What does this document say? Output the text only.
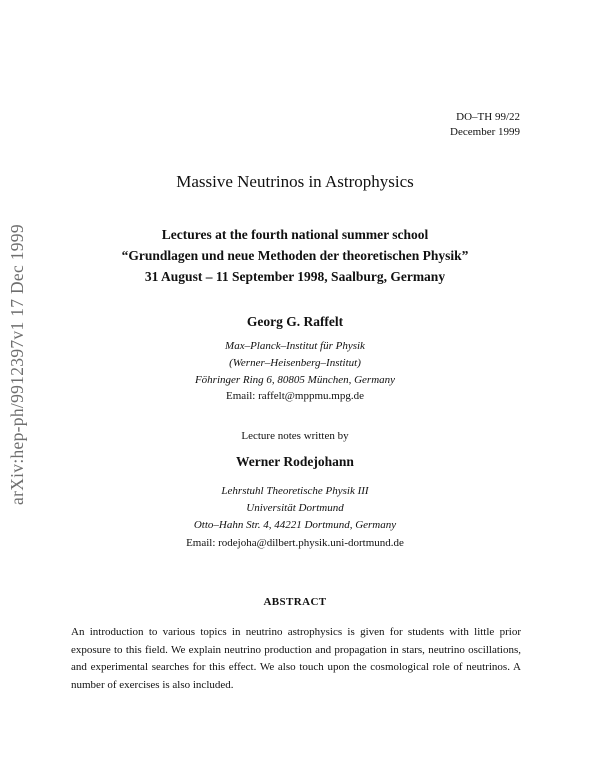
arXiv:hep-ph/9912397v1 17 Dec 1999
DO–TH 99/22
December 1999
Massive Neutrinos in Astrophysics
Lectures at the fourth national summer school
“Grundlagen und neue Methoden der theoretischen Physik”
31 August – 11 September 1998, Saalburg, Germany
Georg G. Raffelt
Max–Planck–Institut für Physik
(Werner–Heisenberg–Institut)
Föhringer Ring 6, 80805 München, Germany
Email: raffelt@mppmu.mpg.de
Lecture notes written by
Werner Rodejohann
Lehrstuhl Theoretische Physik III
Universität Dortmund
Otto–Hahn Str. 4, 44221 Dortmund, Germany
Email: rodejoha@dilbert.physik.uni-dortmund.de
ABSTRACT
An introduction to various topics in neutrino astrophysics is given for students with little prior exposure to this field. We explain neutrino production and propagation in stars, neutrino oscillations, and experimental searches for this effect. We also touch upon the cosmological role of neutrinos. A number of exercises is also included.
